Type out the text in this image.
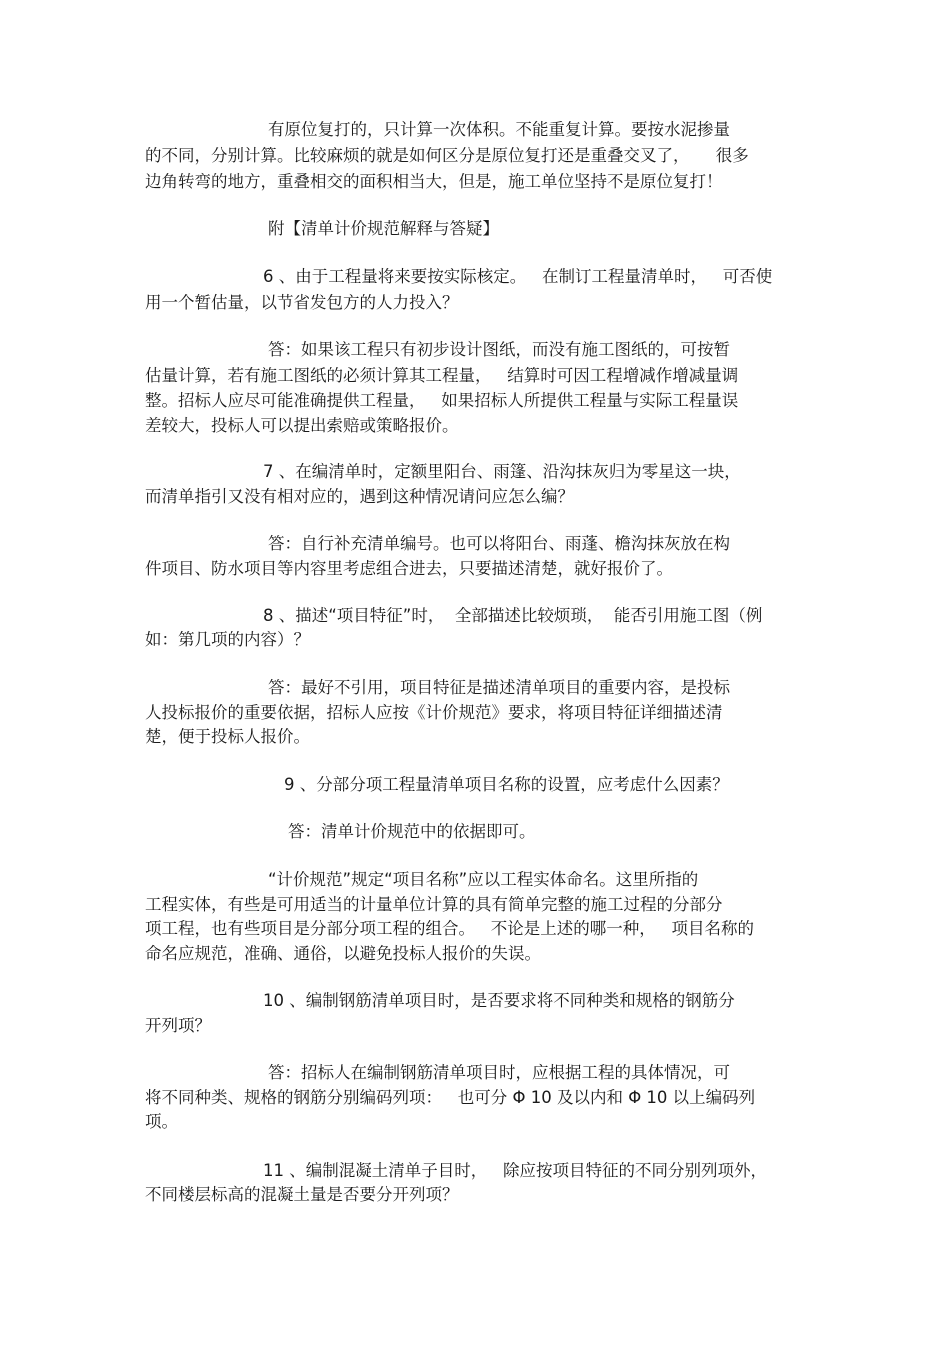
有原位复打的，只计算一次体积。不能重复计算。要按水泥掺量

的不同，分别计算。比较麻烦的就是如何区分是原位复打还是重叠交叉了，     很多

边角转弯的地方，重叠相交的面积相当大，但是，施工单位坚持不是原位复打！

附【清单计价规范解释与答疑】

6 、由于工程量将来要按实际核定。   在制订工程量清单时，   可否使

用一个暂估量，以节省发包方的人力投入？

答：如果该工程只有初步设计图纸，而没有施工图纸的，可按暂

估量计算，若有施工图纸的必须计算其工程量，   结算时可因工程增减作增减量调

整。招标人应尽可能准确提供工程量，   如果招标人所提供工程量与实际工程量误

差较大，投标人可以提出索赔或策略报价。

7 、在编清单时，定额里阳台、雨篷、沿沟抹灰归为零星这一块，

而清单指引又没有相对应的，遇到这种情况请问应怎么编？

答：自行补充清单编号。也可以将阳台、雨蓬、檐沟抹灰放在构

件项目、防水项目等内容里考虑组合进去，只要描述清楚，就好报价了。

8 、描述“项目特征”时，  全部描述比较烦琐，  能否引用施工图（例

如：第几项的内容）？

答：最好不引用，项目特征是描述清单项目的重要内容，是投标

人投标报价的重要依据，招标人应按《计价规范》要求，将项目特征详细描述清

楚，便于投标人报价。

9 、分部分项工程量清单项目名称的设置，应考虑什么因素？

答：清单计价规范中的依据即可。

“计价规范”规定“项目名称”应以工程实体命名。这里所指的

工程实体，有些是可用适当的计量单位计算的具有简单完整的施工过程的分部分

项工程，也有些项目是分部分项工程的组合。   不论是上述的哪一种，   项目名称的

命名应规范，准确、通俗，以避免投标人报价的失误。

10 、编制钢筋清单项目时，是否要求将不同种类和规格的钢筋分

开列项？

答：招标人在编制钢筋清单项目时，应根据工程的具体情况，可

将不同种类、规格的钢筋分别编码列项：   也可分 Φ 10 及以内和 Φ 10 以上编码列

项。

11 、编制混凝土清单子目时，   除应按项目特征的不同分别列项外，

不同楼层标高的混凝土量是否要分开列项？
